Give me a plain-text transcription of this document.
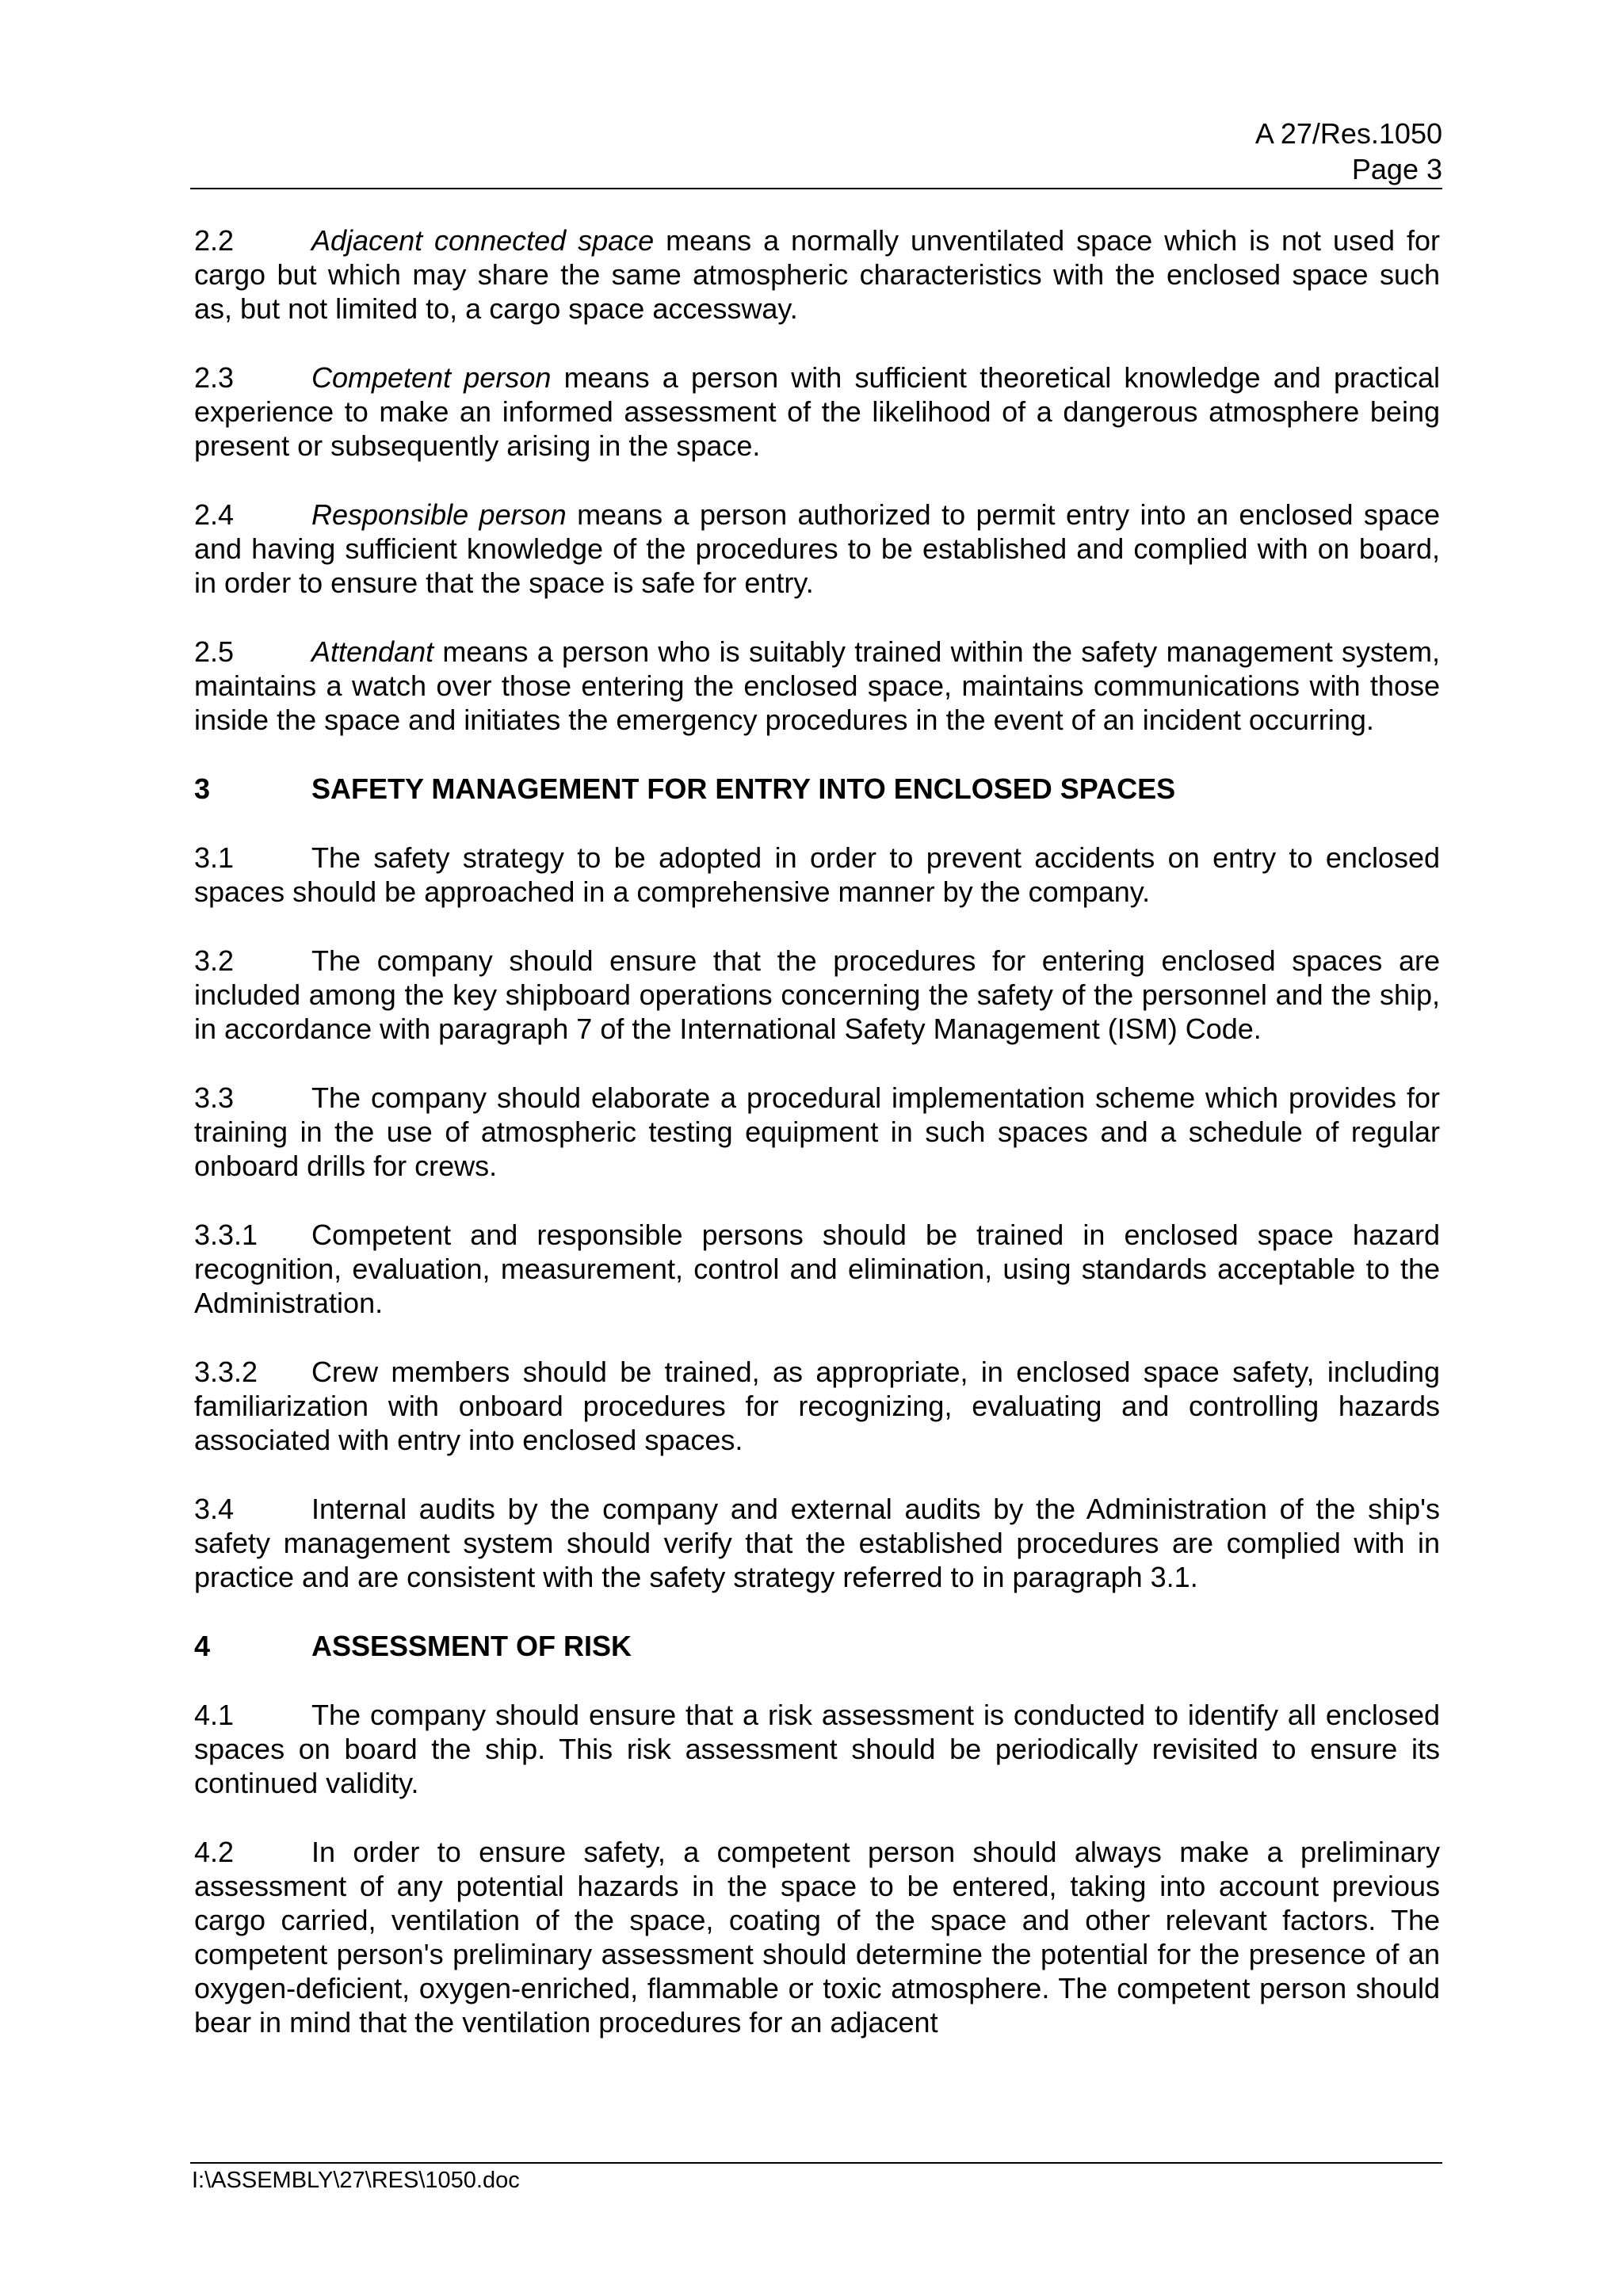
A 27/Res.1050
Page 3

2.2	Adjacent connected space means a normally unventilated space which is not used for cargo but which may share the same atmospheric characteristics with the enclosed space such as, but not limited to, a cargo space accessway.

2.3	Competent person means a person with sufficient theoretical knowledge and practical experience to make an informed assessment of the likelihood of a dangerous atmosphere being present or subsequently arising in the space.

2.4	Responsible person means a person authorized to permit entry into an enclosed space and having sufficient knowledge of the procedures to be established and complied with on board, in order to ensure that the space is safe for entry.

2.5	Attendant means a person who is suitably trained within the safety management system, maintains a watch over those entering the enclosed space, maintains communications with those inside the space and initiates the emergency procedures in the event of an incident occurring.

3	SAFETY MANAGEMENT FOR ENTRY INTO ENCLOSED SPACES

3.1	The safety strategy to be adopted in order to prevent accidents on entry to enclosed spaces should be approached in a comprehensive manner by the company.

3.2	The company should ensure that the procedures for entering enclosed spaces are included among the key shipboard operations concerning the safety of the personnel and the ship, in accordance with paragraph 7 of the International Safety Management (ISM) Code.

3.3	The company should elaborate a procedural implementation scheme which provides for training in the use of atmospheric testing equipment in such spaces and a schedule of regular onboard drills for crews.

3.3.1 Competent and responsible persons should be trained in enclosed space hazard recognition, evaluation, measurement, control and elimination, using standards acceptable to the Administration.

3.3.2 Crew members should be trained, as appropriate, in enclosed space safety, including familiarization with onboard procedures for recognizing, evaluating and controlling hazards associated with entry into enclosed spaces.

3.4	Internal audits by the company and external audits by the Administration of the ship's safety management system should verify that the established procedures are complied with in practice and are consistent with the safety strategy referred to in paragraph 3.1.

4	ASSESSMENT OF RISK

4.1	The company should ensure that a risk assessment is conducted to identify all enclosed spaces on board the ship. This risk assessment should be periodically revisited to ensure its continued validity.

4.2	In order to ensure safety, a competent person should always make a preliminary assessment of any potential hazards in the space to be entered, taking into account previous cargo carried, ventilation of the space, coating of the space and other relevant factors. The competent person's preliminary assessment should determine the potential for the presence of an oxygen-deficient, oxygen-enriched, flammable or toxic atmosphere. The competent person should bear in mind that the ventilation procedures for an adjacent

I:\ASSEMBLY\27\RES\1050.doc
